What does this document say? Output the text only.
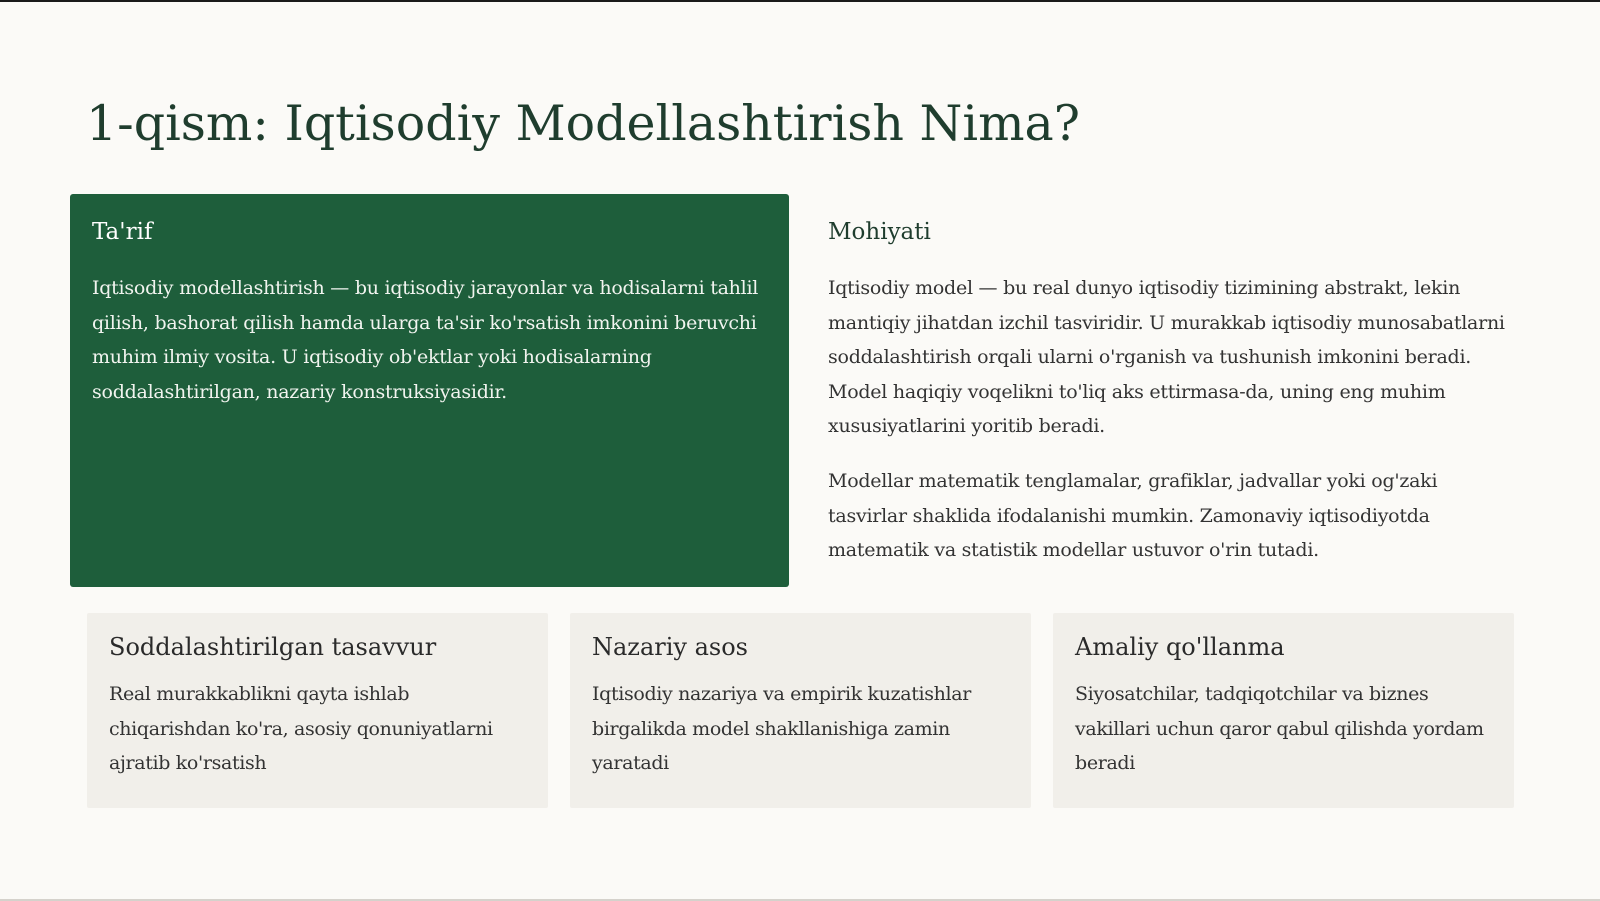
1-qism: Iqtisodiy Modellashtirish Nima?
Ta'rif

Iqtisodiy modellashtirish — bu iqtisodiy jarayonlar va hodisalarni tahlil qilish, bashorat qilish hamda ularga ta'sir ko'rsatish imkonini beruvchi muhim ilmiy vosita. U iqtisodiy ob'ektlar yoki hodisalarning soddalashtirilgan, nazariy konstruksiyasidir.

Mohiyati

Iqtisodiy model — bu real dunyo iqtisodiy tizimining abstrakt, lekin mantiqiy jihatdan izchil tasviridir. U murakkab iqtisodiy munosabatlarni soddalashtirish orqali ularni o'rganish va tushunish imkonini beradi. Model haqiqiy voqelikni to'liq aks ettirmasa-da, uning eng muhim xususiyatlarini yoritib beradi.

Modellar matematik tenglamalar, grafiklar, jadvallar yoki og'zaki tasvirlar shaklida ifodalanishi mumkin. Zamonaviy iqtisodiyotda matematik va statistik modellar ustuvor o'rin tutadi.

Soddalashtirilgan tasavvur

Real murakkablikni qayta ishlab chiqarishdan ko'ra, asosiy qonuniyatlarni ajratib ko'rsatish

Nazariy asos

Iqtisodiy nazariya va empirik kuzatishlar birgalikda model shakllanishiga zamin yaratadi

Amaliy qo'llanma

Siyosatchilar, tadqiqotchilar va biznes vakillari uchun qaror qabul qilishda yordam beradi
